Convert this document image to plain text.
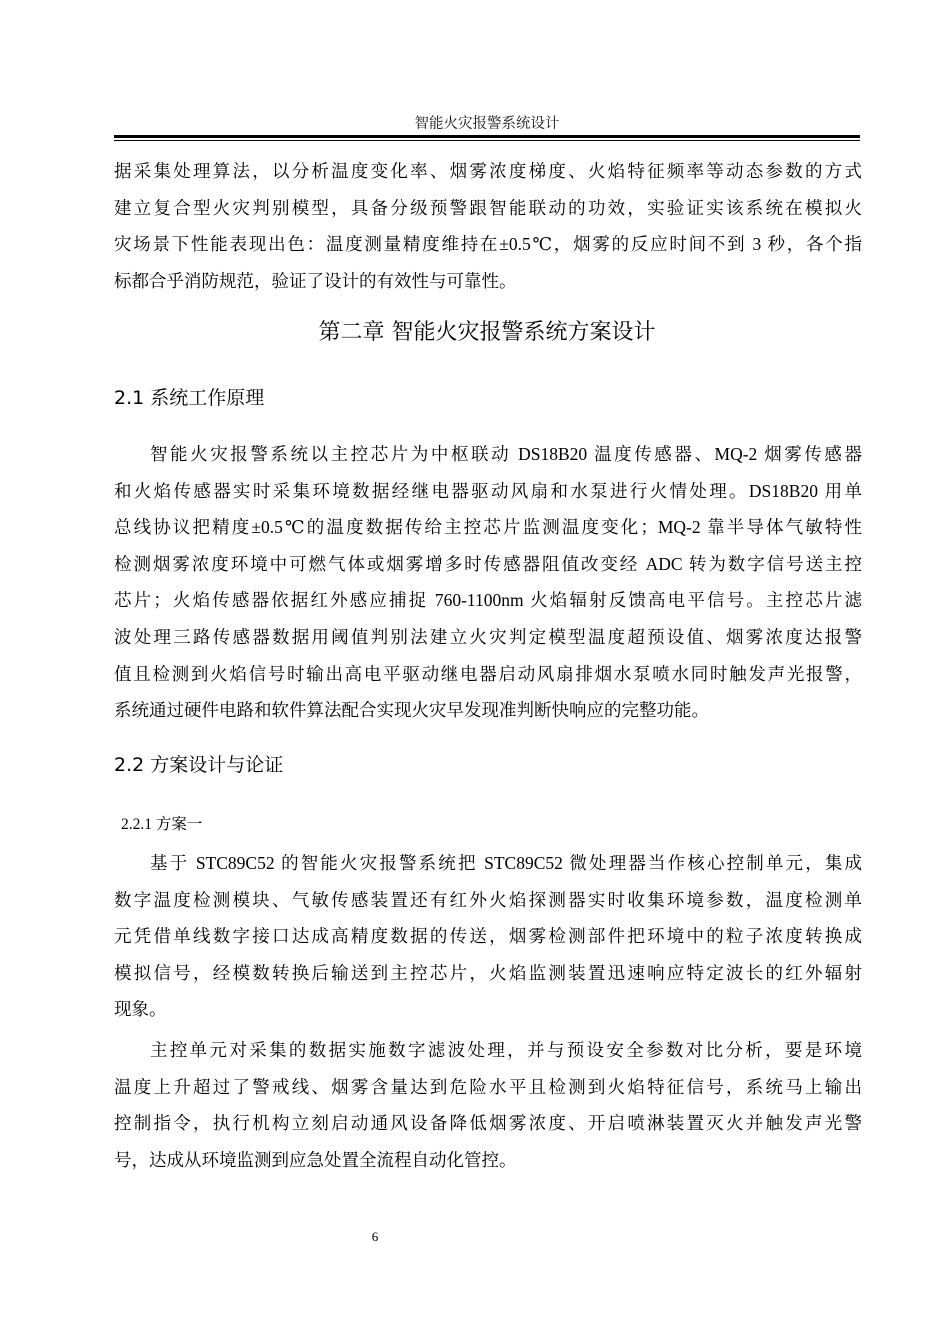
智能火灾报警系统设计
据采集处理算法，以分析温度变化率、烟雾浓度梯度、火焰特征频率等动态参数的方式
建立复合型火灾判别模型，具备分级预警跟智能联动的功效，实验证实该系统在模拟火
灾场景下性能表现出色：温度测量精度维持在±0.5℃，烟雾的反应时间不到 3 秒，各个指
标都合乎消防规范，验证了设计的有效性与可靠性。
第二章 智能火灾报警系统方案设计
2.1 系统工作原理
智能火灾报警系统以主控芯片为中枢联动 DS18B20 温度传感器、MQ-2 烟雾传感器
和火焰传感器实时采集环境数据经继电器驱动风扇和水泵进行火情处理。DS18B20 用单
总线协议把精度±0.5℃的温度数据传给主控芯片监测温度变化；MQ-2 靠半导体气敏特性
检测烟雾浓度环境中可燃气体或烟雾增多时传感器阻值改变经 ADC 转为数字信号送主控
芯片；火焰传感器依据红外感应捕捉 760-1100nm 火焰辐射反馈高电平信号。主控芯片滤
波处理三路传感器数据用阈值判别法建立火灾判定模型温度超预设值、烟雾浓度达报警
值且检测到火焰信号时输出高电平驱动继电器启动风扇排烟水泵喷水同时触发声光报警，
系统通过硬件电路和软件算法配合实现火灾早发现准判断快响应的完整功能。
2.2 方案设计与论证
2.2.1 方案一
基于 STC89C52 的智能火灾报警系统把 STC89C52 微处理器当作核心控制单元，集成
数字温度检测模块、气敏传感装置还有红外火焰探测器实时收集环境参数，温度检测单
元凭借单线数字接口达成高精度数据的传送，烟雾检测部件把环境中的粒子浓度转换成
模拟信号，经模数转换后输送到主控芯片，火焰监测装置迅速响应特定波长的红外辐射
现象。
主控单元对采集的数据实施数字滤波处理，并与预设安全参数对比分析，要是环境
温度上升超过了警戒线、烟雾含量达到危险水平且检测到火焰特征信号，系统马上输出
控制指令，执行机构立刻启动通风设备降低烟雾浓度、开启喷淋装置灭火并触发声光警
号，达成从环境监测到应急处置全流程自动化管控。
6
